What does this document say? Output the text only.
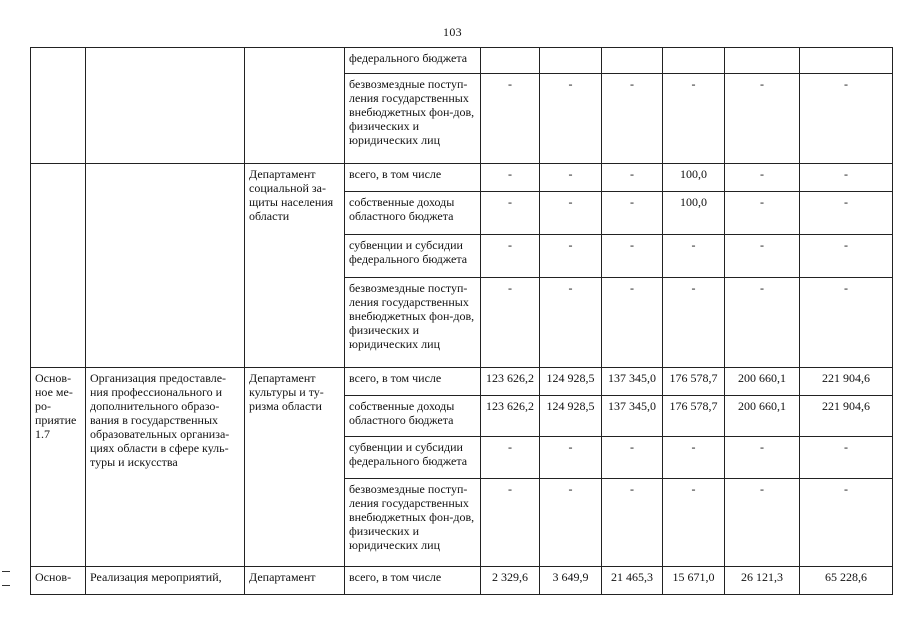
103
			федерального бюджета						
			безвозмездные поступ-ления государственных внебюджетных фон-дов, физических и юридических лиц	-	-	-	-	-	-
		Департамент социальной за-щиты населения области	всего, в том числе	-	-	-	100,0	-	-
			собственные доходы областного бюджета	-	-	-	100,0	-	-
			субвенции и субсидии федерального бюджета	-	-	-	-	-	-
			безвозмездные поступ-ления государственных внебюджетных фон-дов, физических и юридических лиц	-	-	-	-	-	-
Основ-ное ме-ро-приятие 1.7	Организация предоставле-ния профессионального и дополнительного образо-вания в государственных образовательных организа-циях области в сфере куль-туры и искусства	Департамент культуры и ту-ризма области	всего, в том числе	123 626,2	124 928,5	137 345,0	176 578,7	200 660,1	221 904,6
			собственные доходы областного бюджета	123 626,2	124 928,5	137 345,0	176 578,7	200 660,1	221 904,6
			субвенции и субсидии федерального бюджета	-	-	-	-	-	-
			безвозмездные поступ-ления государственных внебюджетных фон-дов, физических и юридических лиц	-	-	-	-	-	-
Основ-	Реализация мероприятий,	Департамент	всего, в том числе	2 329,6	3 649,9	21 465,3	15 671,0	26 121,3	65 228,6
